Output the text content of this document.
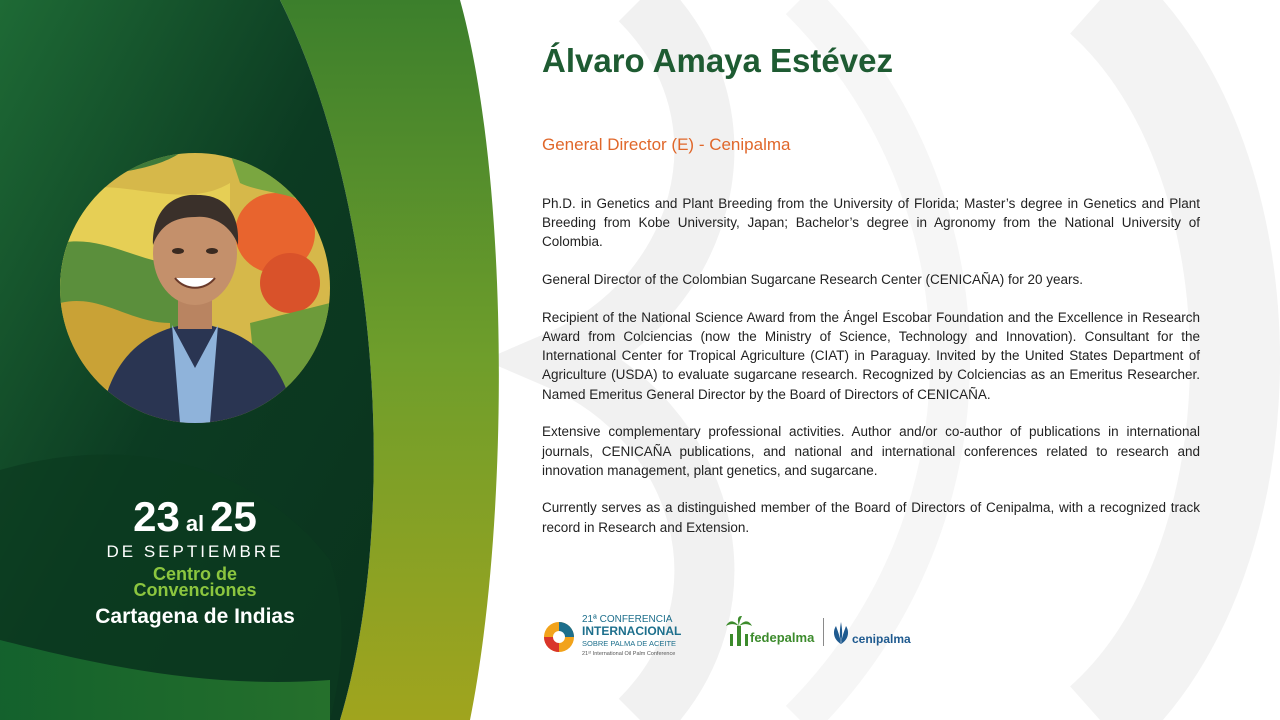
23 al 25
DE SEPTIEMBRE
Centro de
Convenciones
Cartagena de Indias
Álvaro Amaya Estévez
General Director (E) - Cenipalma

Ph.D. in Genetics and Plant Breeding from the University of Florida; Master’s degree in Genetics and Plant Breeding from Kobe University, Japan; Bachelor’s degree in Agronomy from the National University of Colombia.

General Director of the Colombian Sugarcane Research Center (CENICAÑA) for 20 years.

Recipient of the National Science Award from the Ángel Escobar Foundation and the Excellence in Research Award from Colciencias (now the Ministry of Science, Technology and Innovation). Consultant for the International Center for Tropical Agriculture (CIAT) in Paraguay. Invited by the United States Department of Agriculture (USDA) to evaluate sugarcane research. Recognized by Colciencias as an Emeritus Researcher. Named Emeritus General Director by the Board of Directors of CENICAÑA.

Extensive complementary professional activities. Author and/or co-author of publications in international journals, CENICAÑA publications, and national and international conferences related to research and innovation management, plant genetics, and sugarcane.

Currently serves as a distinguished member of the Board of Directors of Cenipalma, with a recognized track record in Research and Extension.

21ª CONFERENCIA
INTERNACIONAL
SOBRE PALMA DE ACEITE
21ˢᵗ International Oil Palm Conference
fedepalma	cenipalma
